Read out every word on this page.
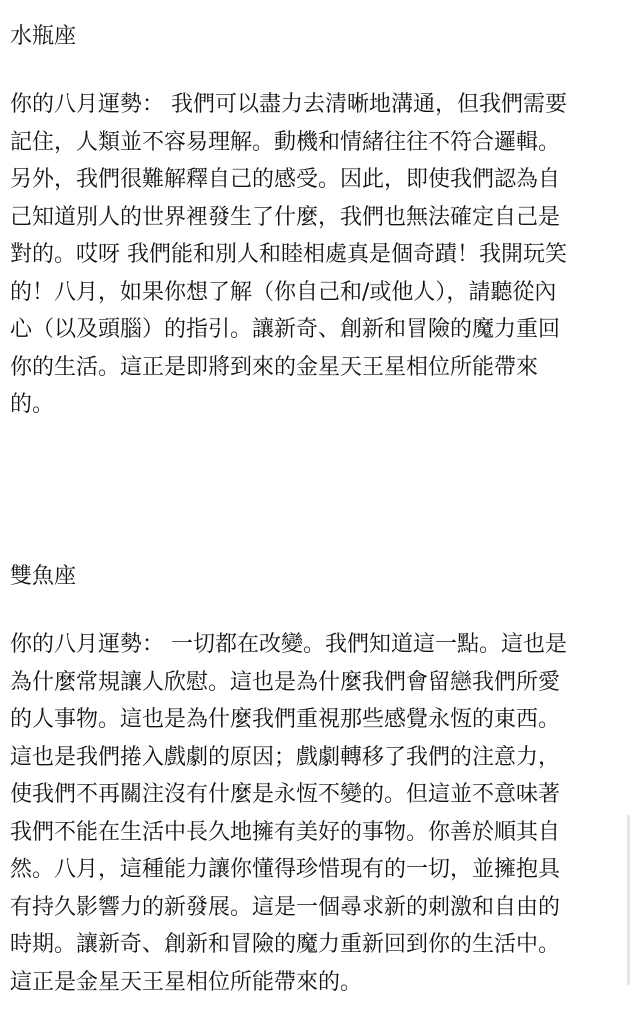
水瓶座

你的八月運勢： 我們可以盡力去清晰地溝通，但我們需要
記住，人類並不容易理解。動機和情緒往往不符合邏輯。
另外，我們很難解釋自己的感受。因此，即使我們認為自
己知道別人的世界裡發生了什麼，我們也無法確定自己是
對的。哎呀 我們能和別人和睦相處真是個奇蹟！我開玩笑
的！八月，如果你想了解（你自己和/或他人），請聽從內
心（以及頭腦）的指引。讓新奇、創新和冒險的魔力重回
你的生活。這正是即將到來的金星天王星相位所能帶來
的。

雙魚座

你的八月運勢： 一切都在改變。我們知道這一點。這也是
為什麼常規讓人欣慰。這也是為什麼我們會留戀我們所愛
的人事物。這也是為什麼我們重視那些感覺永恆的東西。
這也是我們捲入戲劇的原因；戲劇轉移了我們的注意力，
使我們不再關注沒有什麼是永恆不變的。但這並不意味著
我們不能在生活中長久地擁有美好的事物。你善於順其自
然。八月，這種能力讓你懂得珍惜現有的一切，並擁抱具
有持久影響力的新發展。這是一個尋求新的刺激和自由的
時期。讓新奇、創新和冒險的魔力重新回到你的生活中。
這正是金星天王星相位所能帶來的。
